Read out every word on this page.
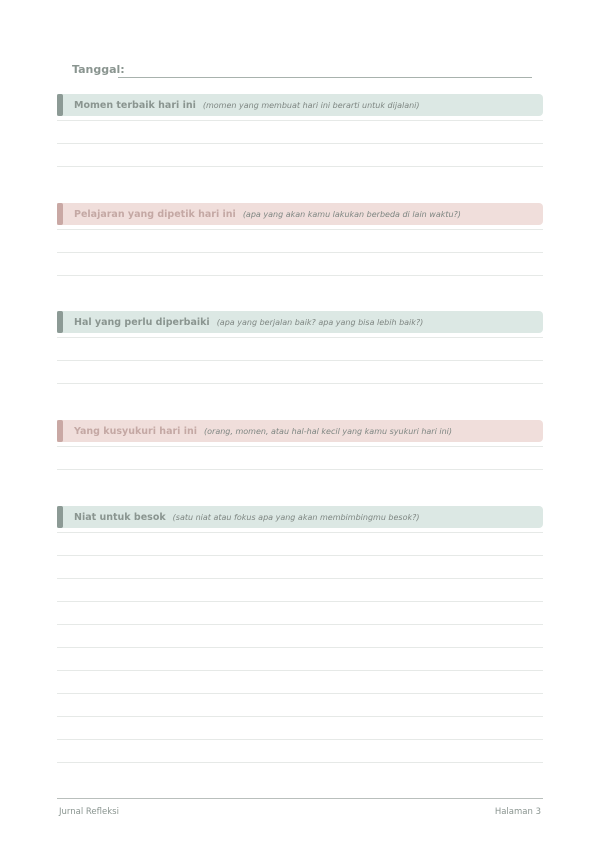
Tanggal:
Momen terbaik hari ini (momen yang membuat hari ini berarti untuk dijalani)
Pelajaran yang dipetik hari ini (apa yang akan kamu lakukan berbeda di lain waktu?)
Hal yang perlu diperbaiki (apa yang berjalan baik? apa yang bisa lebih baik?)
Yang kusyukuri hari ini (orang, momen, atau hal-hal kecil yang kamu syukuri hari ini)
Niat untuk besok (satu niat atau fokus apa yang akan membimbingmu besok?)
Jurnal Refleksi	Halaman 3
